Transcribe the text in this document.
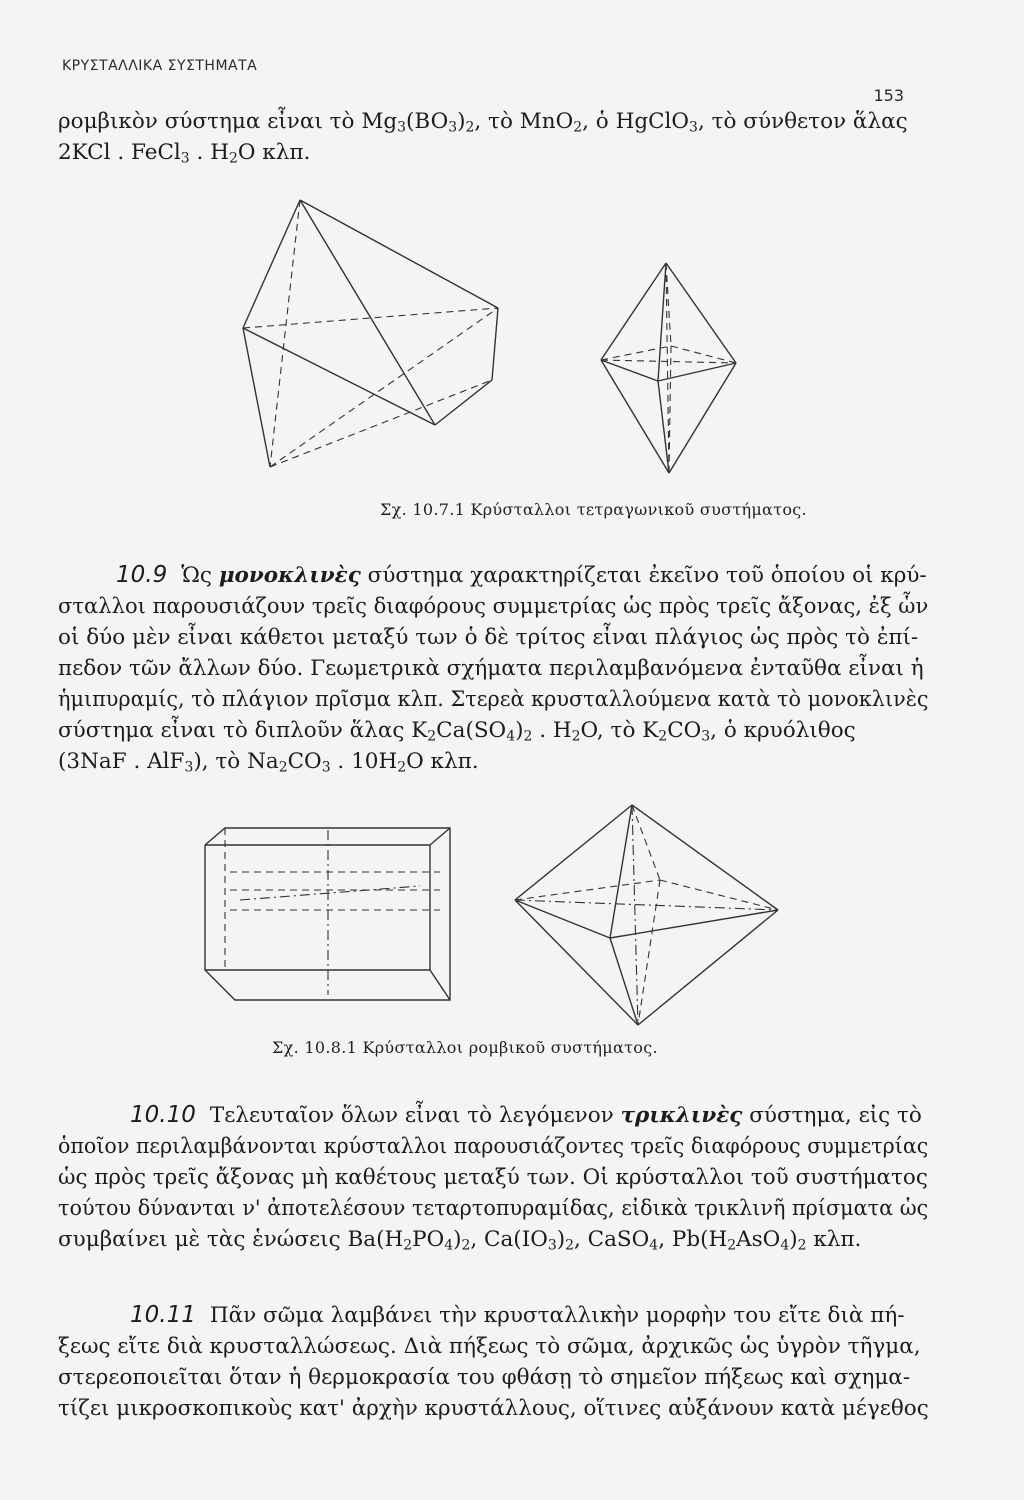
ΚΡΥΣΤΑΛΛΙΚΑ ΣΥΣΤΗΜΑΤΑ
153
ρομβικὸν σύστημα εἶναι τὸ $Mg_3(BO_3)_2$, τὸ MnO$_2$, ὁ HgClO$_3$, τὸ σύνθετον ἅλας
2KCl . FeCl$_3$ . $H_2O$ κλπ.
Σχ. 10.7.1 Κρύσταλλοι τετραγωνικοῦ συστήματος.
10.9 Ὡς μονοκλινὲς σύστημα χαρακτηρίζεται ἐκεῖνο τοῦ ὁποίου οἱ κρύ-
σταλλοι παρουσιάζουν τρεῖς διαφόρους συμμετρίας ὡς πρὸς τρεῖς ἄξονας, ἐξ ὧν
οἱ δύο μὲν εἶναι κάθετοι μεταξύ των ὁ δὲ τρίτος εἶναι πλάγιος ὡς πρὸς τὸ ἐπί-
πεδον τῶν ἄλλων δύο. Γεωμετρικὰ σχήματα περιλαμβανόμενα ἐνταῦθα εἶναι ἡ
ἡμιπυραμίς, τὸ πλάγιον πρῖσμα κλπ. Στερεὰ κρυσταλλούμενα κατὰ τὸ μονοκλινὲς
σύστημα εἶναι τὸ διπλοῦν ἅλας $K_2Ca(SO_4)_2$ . $H_2O$, τὸ $K_2CO_3$, ὁ κρυόλιθος
(3NaF . AlF$_3$), τὸ $Na_2CO_3$ . $10H_2O$ κλπ.
Σχ. 10.8.1 Κρύσταλλοι ρομβικοῦ συστήματος.
10.10 Τελευταῖον ὅλων εἶναι τὸ λεγόμενον τρικλινὲς σύστημα, εἰς τὸ
ὁποῖον περιλαμβάνονται κρύσταλλοι παρουσιάζοντες τρεῖς διαφόρους συμμετρίας
ὡς πρὸς τρεῖς ἄξονας μὴ καθέτους μεταξύ των. Οἱ κρύσταλλοι τοῦ συστήματος
τούτου δύνανται ν' ἀποτελέσουν τεταρτοπυραμίδας, εἰδικὰ τρικλινῆ πρίσματα ὡς
συμβαίνει μὲ τὰς ἑνώσεις $Ba(H_2PO_4)_2$, $Ca(IO_3)_2$, CaSO$_4$, $Pb(H_2AsO_4)_2$ κλπ.
10.11 Πᾶν σῶμα λαμβάνει τὴν κρυσταλλικὴν μορφὴν του εἴτε διὰ πή-
ξεως εἴτε διὰ κρυσταλλώσεως. Διὰ πήξεως τὸ σῶμα, ἀρχικῶς ὡς ὑγρὸν τῆγμα,
στερεοποιεῖται ὅταν ἡ θερμοκρασία του φθάσῃ τὸ σημεῖον πήξεως καὶ σχημα-
τίζει μικροσκοπικοὺς κατ' ἀρχὴν κρυστάλλους, οἵτινες αὐξάνουν κατὰ μέγεθος
